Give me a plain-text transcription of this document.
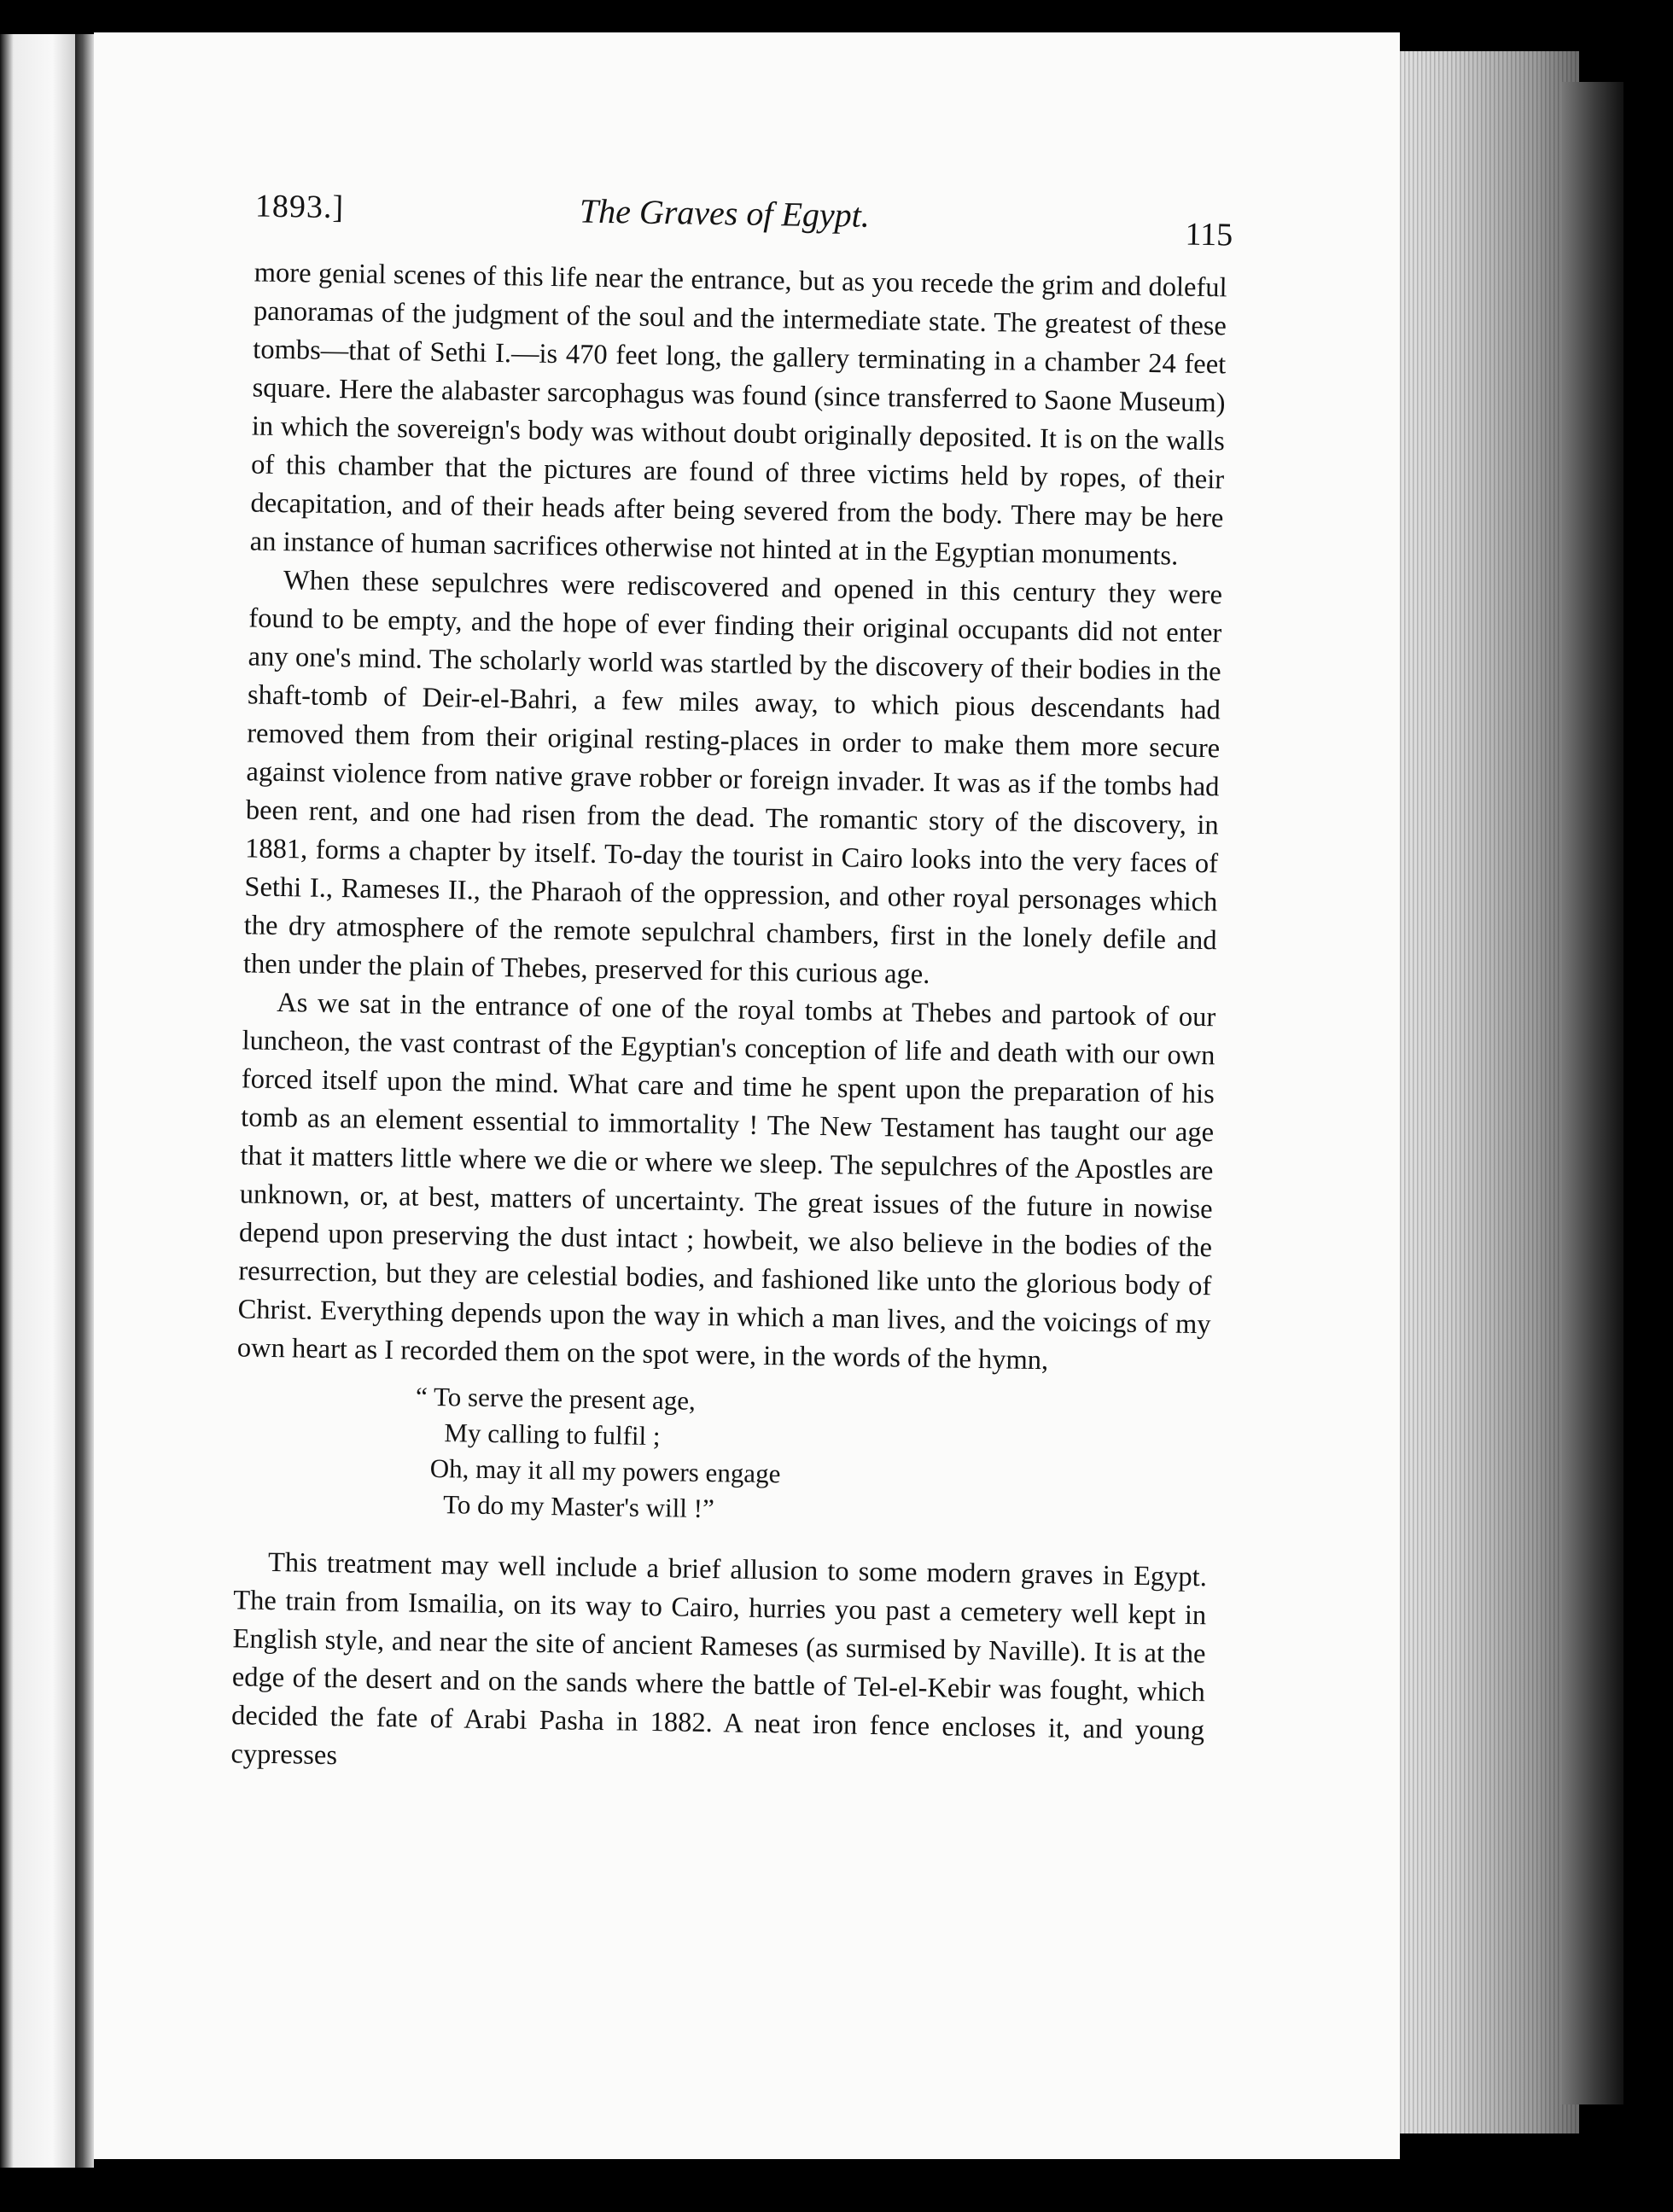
1893.]	The Graves of Egypt.
115

more genial scenes of this life near the entrance, but as you recede the grim and doleful panoramas of the judgment of the soul and the intermediate state. The greatest of these tombs—that of Sethi I.—is 470 feet long, the gallery terminating in a chamber 24 feet square. Here the alabaster sarcophagus was found (since transferred to Saone Museum) in which the sovereign's body was without doubt originally deposited. It is on the walls of this chamber that the pictures are found of three victims held by ropes, of their decapitation, and of their heads after being severed from the body. There may be here an instance of human sacrifices otherwise not hinted at in the Egyptian monuments.

When these sepulchres were rediscovered and opened in this century they were found to be empty, and the hope of ever finding their original occupants did not enter any one's mind. The scholarly world was startled by the discovery of their bodies in the shaft-tomb of Deir-el-Bahri, a few miles away, to which pious descendants had removed them from their original resting-places in order to make them more secure against violence from native grave robber or foreign invader. It was as if the tombs had been rent, and one had risen from the dead. The romantic story of the discovery, in 1881, forms a chapter by itself. To-day the tourist in Cairo looks into the very faces of Sethi I., Rameses II., the Pharaoh of the oppression, and other royal personages which the dry atmosphere of the remote sepulchral chambers, first in the lonely defile and then under the plain of Thebes, preserved for this curious age.

As we sat in the entrance of one of the royal tombs at Thebes and partook of our luncheon, the vast contrast of the Egyptian's conception of life and death with our own forced itself upon the mind. What care and time he spent upon the preparation of his tomb as an element essential to immortality ! The New Testament has taught our age that it matters little where we die or where we sleep. The sepulchres of the Apostles are unknown, or, at best, matters of uncertainty. The great issues of the future in nowise depend upon preserving the dust intact ; howbeit, we also believe in the bodies of the resurrection, but they are celestial bodies, and fashioned like unto the glorious body of Christ. Everything depends upon the way in which a man lives, and the voicings of my own heart as I recorded them on the spot were, in the words of the hymn,

“ To serve the present age,
My calling to fulfil ;
Oh, may it all my powers engage
To do my Master's will !”

This treatment may well include a brief allusion to some modern graves in Egypt. The train from Ismailia, on its way to Cairo, hurries you past a cemetery well kept in English style, and near the site of ancient Rameses (as surmised by Naville). It is at the edge of the desert and on the sands where the battle of Tel-el-Kebir was fought, which decided the fate of Arabi Pasha in 1882. A neat iron fence encloses it, and young cypresses
